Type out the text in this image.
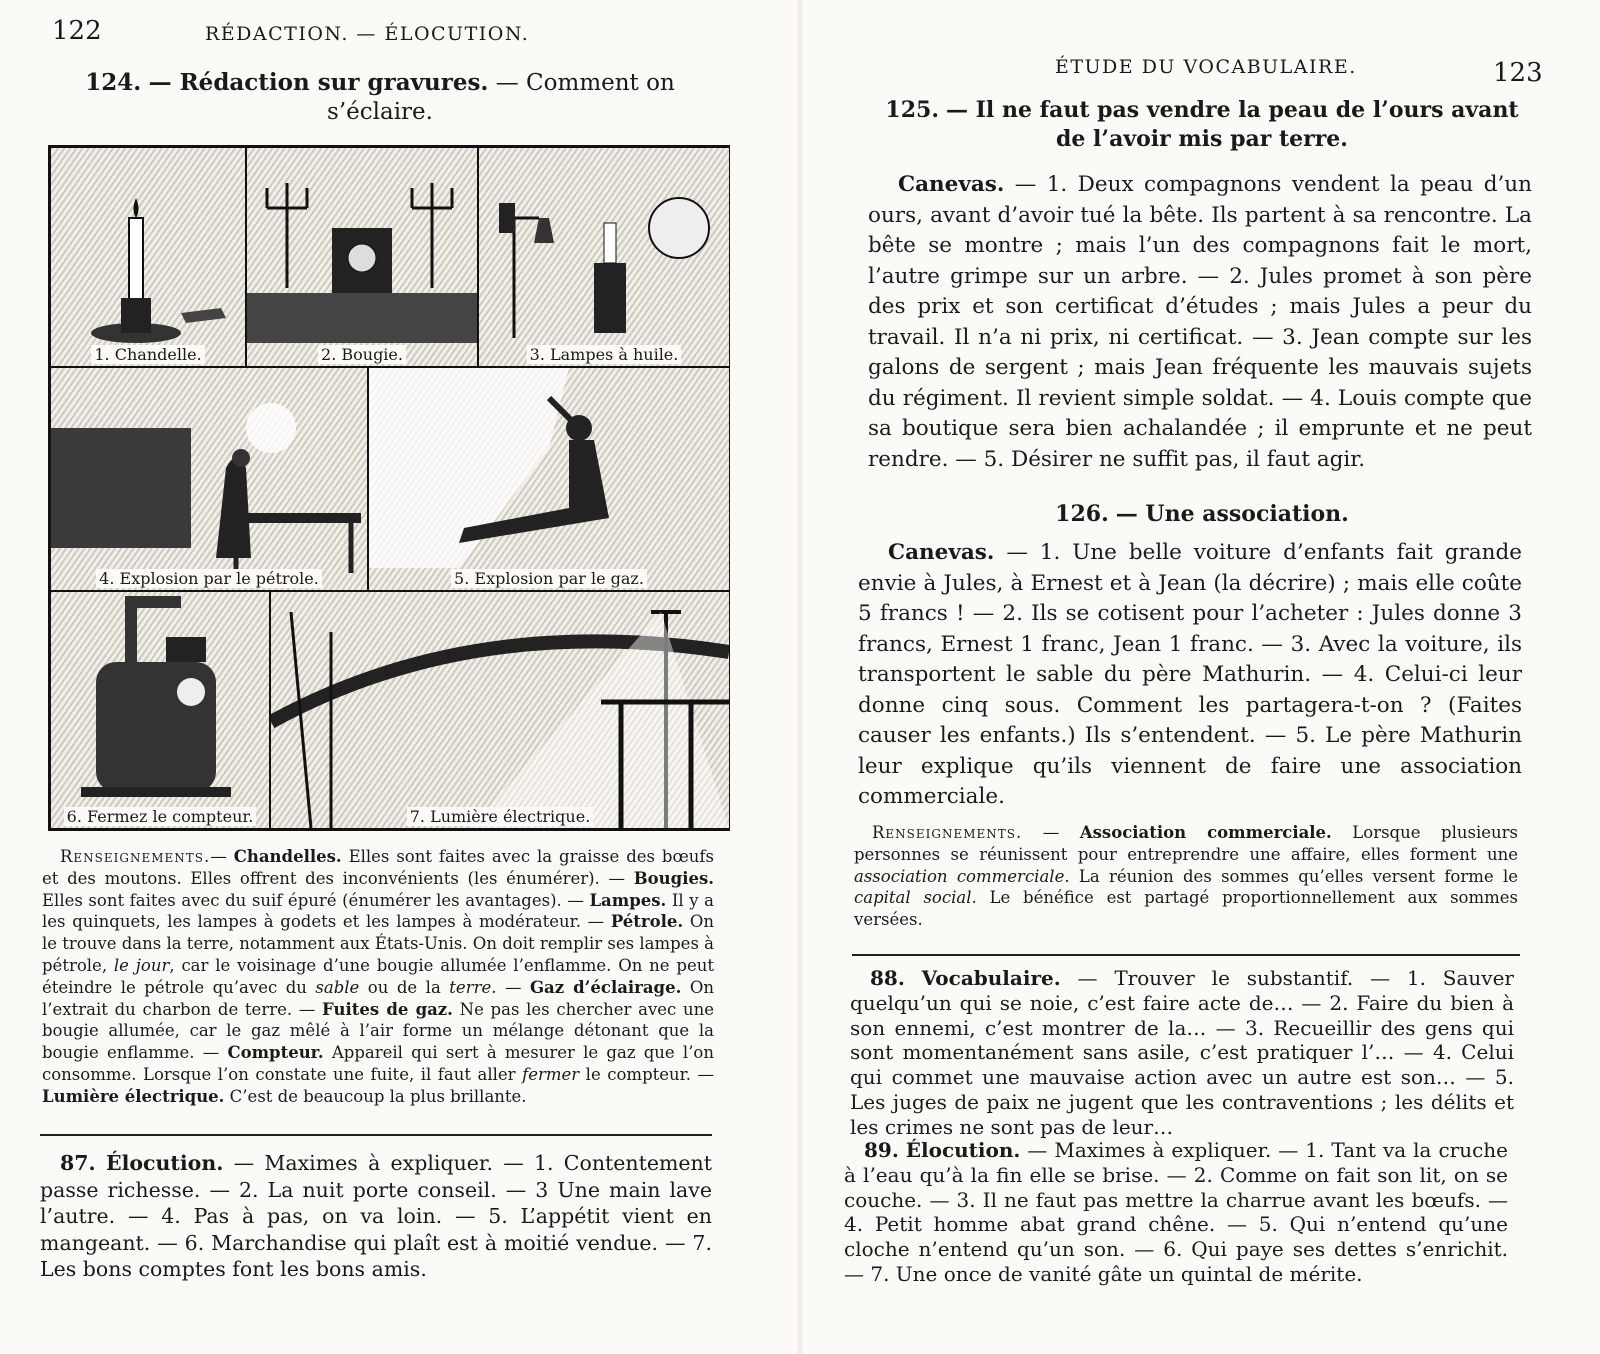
122	RÉDACTION. — ÉLOCUTION.
124. — Rédaction sur gravures. — Comment on s’éclaire.
1. Chandelle.	2. Bougie.	3. Lampes à huile.
4. Explosion par le pétrole.	5. Explosion par le gaz.
6. Fermez le compteur.	7. Lumière électrique.
Renseignements.— Chandelles. Elles sont faites avec la graisse des bœufs et des moutons. Elles offrent des inconvénients (les énumérer). — Bougies. Elles sont faites avec du suif épuré (énumérer les avantages). — Lampes. Il y a les quinquets, les lampes à godets et les lampes à modérateur. — Pétrole. On le trouve dans la terre, notamment aux États-Unis. On doit remplir ses lampes à pétrole, le jour, car le voisinage d’une bougie allumée l’enflamme. On ne peut éteindre le pétrole qu’avec du sable ou de la terre. — Gaz d’éclairage. On l’extrait du charbon de terre. — Fuites de gaz. Ne pas les chercher avec une bougie allumée, car le gaz mêlé à l’air forme un mélange détonant que la bougie enflamme. — Compteur. Appareil qui sert à mesurer le gaz que l’on consomme. Lorsque l’on constate une fuite, il faut aller fermer le compteur. — Lumière électrique. C’est de beaucoup la plus brillante.
87. Élocution. — Maximes à expliquer. — 1. Contentement passe richesse. — 2. La nuit porte conseil. — 3 Une main lave l’autre. — 4. Pas à pas, on va loin. — 5. L’appétit vient en mangeant. — 6. Marchandise qui plaît est à moitié vendue. — 7. Les bons comptes font les bons amis.
ÉTUDE DU VOCABULAIRE.	123
125. — Il ne faut pas vendre la peau de l’ours avant de l’avoir mis par terre.
Canevas. — 1. Deux compagnons vendent la peau d’un ours, avant d’avoir tué la bête. Ils partent à sa rencontre. La bête se montre ; mais l’un des compagnons fait le mort, l’autre grimpe sur un arbre. — 2. Jules promet à son père des prix et son certificat d’études ; mais Jules a peur du travail. Il n’a ni prix, ni certificat. — 3. Jean compte sur les galons de sergent ; mais Jean fréquente les mauvais sujets du régiment. Il revient simple soldat. — 4. Louis compte que sa boutique sera bien achalandée ; il emprunte et ne peut rendre. — 5. Désirer ne suffit pas, il faut agir.
126. — Une association.
Canevas. — 1. Une belle voiture d’enfants fait grande envie à Jules, à Ernest et à Jean (la décrire) ; mais elle coûte 5 francs ! — 2. Ils se cotisent pour l’acheter : Jules donne 3 francs, Ernest 1 franc, Jean 1 franc. — 3. Avec la voiture, ils transportent le sable du père Mathurin. — 4. Celui-ci leur donne cinq sous. Comment les partagera-t-on ? (Faites causer les enfants.) Ils s’entendent. — 5. Le père Mathurin leur explique qu’ils viennent de faire une association commerciale.
Renseignements. — Association commerciale. Lorsque plusieurs personnes se réunissent pour entreprendre une affaire, elles forment une association commerciale. La réunion des sommes qu’elles versent forme le capital social. Le bénéfice est partagé proportionnellement aux sommes versées.
88. Vocabulaire. — Trouver le substantif. — 1. Sauver quelqu’un qui se noie, c’est faire acte de… — 2. Faire du bien à son ennemi, c’est montrer de la… — 3. Recueillir des gens qui sont momentanément sans asile, c’est pratiquer l’… — 4. Celui qui commet une mauvaise action avec un autre est son… — 5. Les juges de paix ne jugent que les contraventions ; les délits et les crimes ne sont pas de leur…
89. Élocution. — Maximes à expliquer. — 1. Tant va la cruche à l’eau qu’à la fin elle se brise. — 2. Comme on fait son lit, on se couche. — 3. Il ne faut pas mettre la charrue avant les bœufs. — 4. Petit homme abat grand chêne. — 5. Qui n’entend qu’une cloche n’entend qu’un son. — 6. Qui paye ses dettes s’enrichit. — 7. Une once de vanité gâte un quintal de mérite.
